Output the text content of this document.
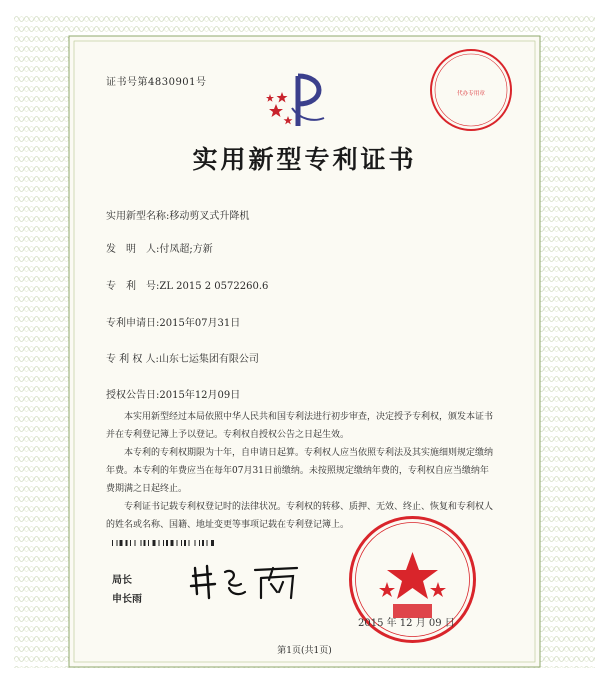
证书号第4830901号
代办专用章
实用新型专利证书
实用新型名称:移动剪叉式升降机
发　明　人:付凤超;方新
专　利　号:ZL 2015 2 0572260.6
专利申请日:2015年07月31日
专 利 权 人:山东七运集团有限公司
授权公告日:2015年12月09日

本实用新型经过本局依照中华人民共和国专利法进行初步审查，决定授予专利权，颁发本证书并在专利登记簿上予以登记。专利权自授权公告之日起生效。

本专利的专利权期限为十年，自申请日起算。专利权人应当依照专利法及其实施细则规定缴纳年费。本专利的年费应当在每年07月31日前缴纳。未按照规定缴纳年费的，专利权自应当缴纳年费期满之日起终止。

专利证书记载专利权登记时的法律状况。专利权的转移、质押、无效、终止、恢复和专利权人的姓名或名称、国籍、地址变更等事项记载在专利登记簿上。

局长
申长雨
2015 年 12 月 09 日
第1页(共1页)
